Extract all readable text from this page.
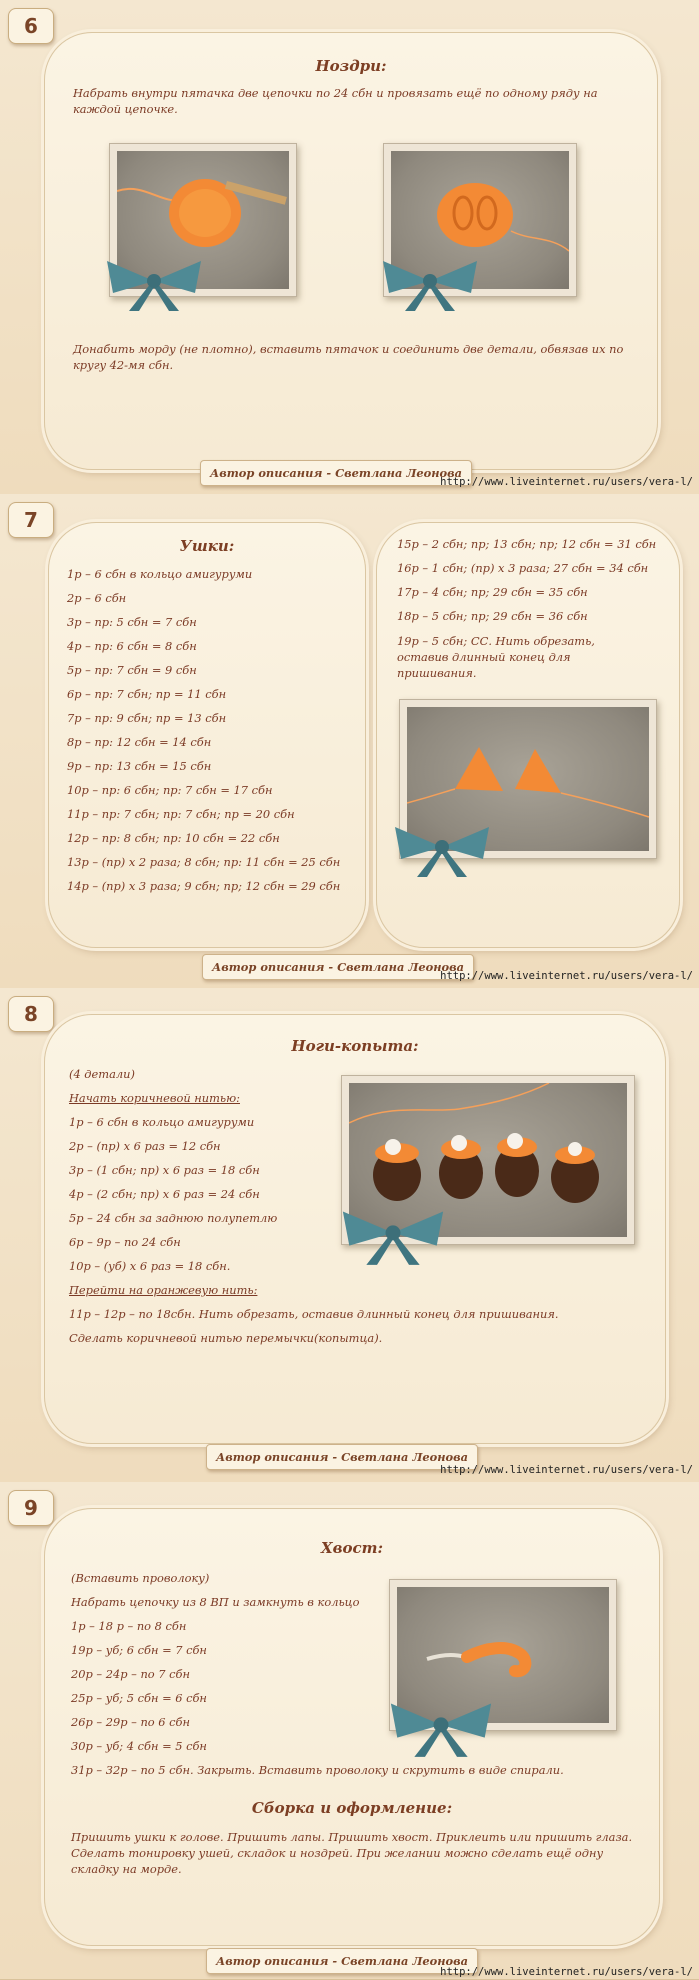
6
Ноздри:
Набрать внутри пятачка две цепочки по 24 сбн и провязать ещё по одному ряду на каждой цепочке.
Донабить морду (не плотно), вставить пятачок и соединить две детали, обвязав их по кругу 42-мя сбн.
Автор описания - Светлана Леонова
http://www.liveinternet.ru/users/vera-l/
7
Ушки:
1р – 6 сбн в кольцо амигуруми
2р – 6 сбн
3р – пр: 5 сбн = 7 сбн
4р – пр: 6 сбн = 8 сбн
5р – пр: 7 сбн = 9 сбн
6р – пр: 7 сбн; пр = 11 сбн
7р – пр: 9 сбн; пр = 13 сбн
8р – пр: 12 сбн = 14 сбн
9р – пр: 13 сбн = 15 сбн
10р – пр: 6 сбн; пр: 7 сбн = 17 сбн
11р – пр: 7 сбн; пр: 7 сбн; пр = 20 сбн
12р – пр: 8 сбн; пр: 10 сбн = 22 сбн
13р – (пр) х 2 раза; 8 сбн; пр: 11 сбн = 25 сбн
14р – (пр) х 3 раза; 9 сбн; пр; 12 сбн = 29 сбн
15р – 2 сбн; пр; 13 сбн; пр; 12 сбн = 31 сбн
16р – 1 сбн; (пр) х 3 раза; 27 сбн = 34 сбн
17р – 4 сбн; пр; 29 сбн = 35 сбн
18р – 5 сбн; пр; 29 сбн = 36 сбн
19р – 5 сбн; СС. Нить обрезать, оставив длинный конец для пришивания.
Автор описания - Светлана Леонова
http://www.liveinternet.ru/users/vera-l/
8
Ноги-копыта:
(4 детали)
Начать коричневой нитью:
1р – 6 сбн в кольцо амигуруми
2р – (пр) х 6 раз = 12 сбн
3р – (1 сбн; пр) х 6 раз = 18 сбн
4р – (2 сбн; пр) х 6 раз = 24 сбн
5р – 24 сбн за заднюю полупетлю
6р – 9р – по 24 сбн
10р – (уб) х 6 раз = 18 сбн.
Перейти на оранжевую нить:
11р – 12р – по 18сбн. Нить обрезать, оставив длинный конец для пришивания.
Сделать коричневой нитью перемычки(копытца).
Автор описания - Светлана Леонова
http://www.liveinternet.ru/users/vera-l/
9
Хвост:
(Вставить проволоку)
Набрать цепочку из 8 ВП и замкнуть в кольцо
1р – 18 р – по 8 сбн
19р – уб; 6 сбн = 7 сбн
20р – 24р – по 7 сбн
25р – уб; 5 сбн = 6 сбн
26р – 29р – по 6 сбн
30р – уб; 4 сбн = 5 сбн
31р – 32р – по 5 сбн. Закрыть. Вставить проволоку и скрутить в виде спирали.
Сборка и оформление:
Пришить ушки к голове. Пришить лапы. Пришить хвост. Приклеить или пришить глаза. Сделать тонировку ушей, складок и ноздрей. При желании можно сделать ещё одну складку на морде.
Автор описания - Светлана Леонова
http://www.liveinternet.ru/users/vera-l/
